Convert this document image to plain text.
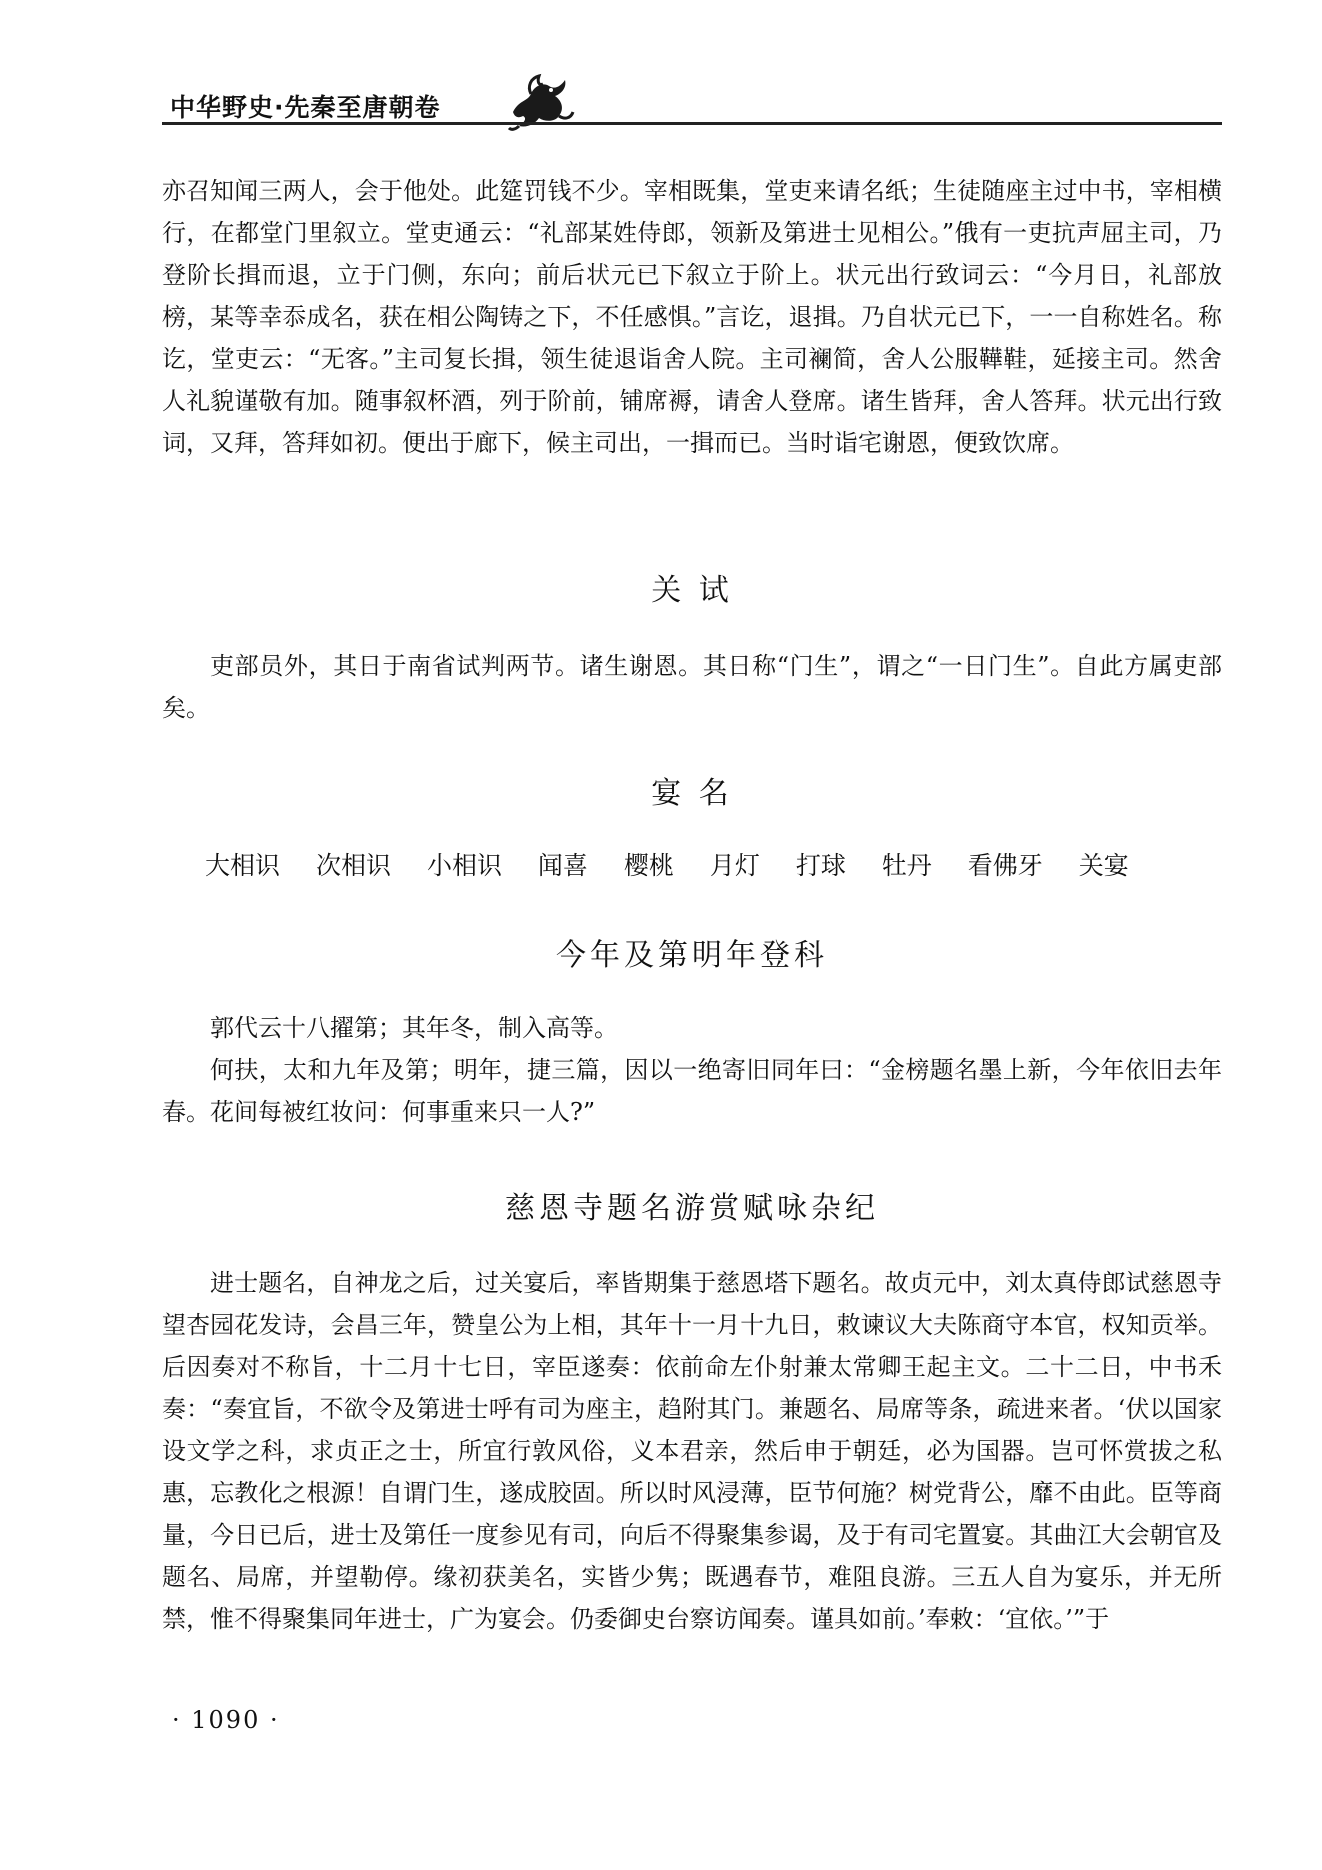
中华野史·先秦至唐朝卷

亦召知闻三两人，会于他处。此筵罚钱不少。宰相既集，堂吏来请名纸；生徒随座主过中书，宰相横行，在都堂门里叙立。堂吏通云：“礼部某姓侍郎，领新及第进士见相公。”俄有一吏抗声屈主司，乃登阶长揖而退，立于门侧，东向；前后状元已下叙立于阶上。状元出行致词云：“今月日，礼部放榜，某等幸忝成名，获在相公陶铸之下，不任感惧。”言讫，退揖。乃自状元已下，一一自称姓名。称讫，堂吏云：“无客。”主司复长揖，领生徒退诣舍人院。主司襕简，舍人公服鞾鞋，延接主司。然舍人礼貌谨敬有加。随事叙杯酒，列于阶前，铺席褥，请舍人登席。诸生皆拜，舍人答拜。状元出行致词，又拜，答拜如初。便出于廊下，候主司出，一揖而已。当时诣宅谢恩，便致饮席。

关 试

吏部员外，其日于南省试判两节。诸生谢恩。其日称“门生”，谓之“一日门生”。自此方属吏部矣。

宴 名
大相识 次相识 小相识 闻喜 樱桃 月灯 打球 牡丹 看佛牙 关宴
今年及第明年登科

郭代云十八擢第；其年冬，制入高等。

何扶，太和九年及第；明年，捷三篇，因以一绝寄旧同年曰：“金榜题名墨上新，今年依旧去年春。花间每被红妆问：何事重来只一人?”

慈恩寺题名游赏赋咏杂纪

进士题名，自神龙之后，过关宴后，率皆期集于慈恩塔下题名。故贞元中，刘太真侍郎试慈恩寺望杏园花发诗，会昌三年，赞皇公为上相，其年十一月十九日，敕谏议大夫陈商守本官，权知贡举。后因奏对不称旨，十二月十七日，宰臣遂奏：依前命左仆射兼太常卿王起主文。二十二日，中书禾奏：“奏宜旨，不欲令及第进士呼有司为座主，趋附其门。兼题名、局席等条，疏进来者。‘伏以国家设文学之科，求贞正之士，所宜行敦风俗，义本君亲，然后申于朝廷，必为国器。岂可怀赏拔之私惠，忘教化之根源！自谓门生，遂成胶固。所以时风浸薄，臣节何施？树党背公，靡不由此。臣等商量，今日已后，进士及第任一度参见有司，向后不得聚集参谒，及于有司宅置宴。其曲江大会朝官及题名、局席，并望勒停。缘初获美名，实皆少隽；既遇春节，难阻良游。三五人自为宴乐，并无所禁，惟不得聚集同年进士，广为宴会。仍委御史台察访闻奏。谨具如前。’奉敕：‘宜依。’”于

· 1090 ·
